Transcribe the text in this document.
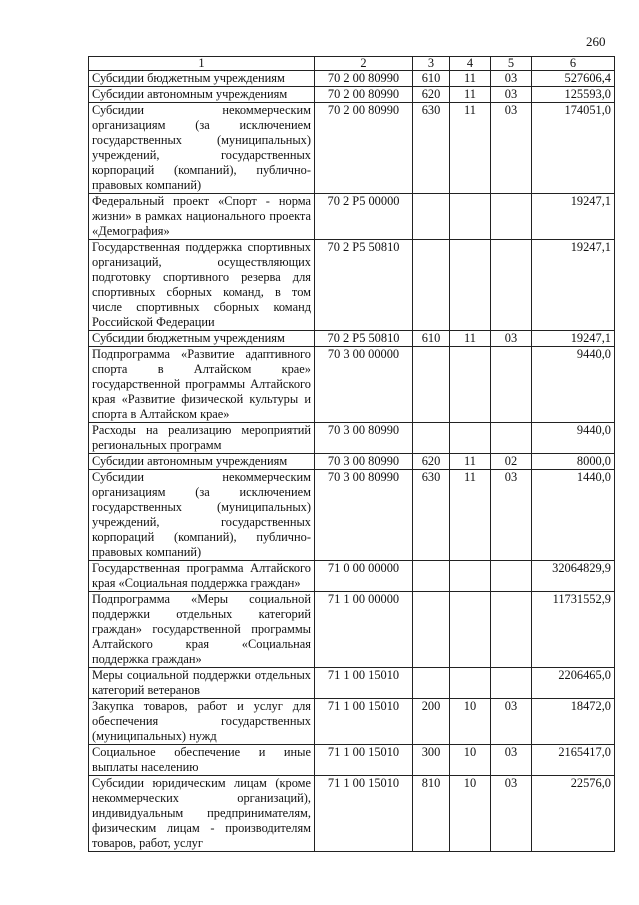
260
1	2	3	4	5	6
Субсидии бюджетным учреждениям	70 2 00 80990	610	11	03	527606,4
Субсидии автономным учреждениям	70 2 00 80990	620	11	03	125593,0
Субсидии некоммерческим организациям (за исключением государственных (муниципальных) учреждений, государственных корпораций (компаний), публично-правовых компаний)	70 2 00 80990	630	11	03	174051,0
Федеральный проект «Спорт - норма жизни» в рамках национального проекта «Демография»	70 2 P5 00000				19247,1
Государственная поддержка спортивных организаций, осуществляющих подготовку спортивного резерва для спортивных сборных команд, в том числе спортивных сборных команд Российской Федерации	70 2 P5 50810				19247,1
Субсидии бюджетным учреждениям	70 2 P5 50810	610	11	03	19247,1
Подпрограмма «Развитие адаптивного спорта в Алтайском крае» государственной программы Алтайского края «Развитие физической культуры и спорта в Алтайском крае»	70 3 00 00000				9440,0
Расходы на реализацию мероприятий региональных программ	70 3 00 80990				9440,0
Субсидии автономным учреждениям	70 3 00 80990	620	11	02	8000,0
Субсидии некоммерческим организациям (за исключением государственных (муниципальных) учреждений, государственных корпораций (компаний), публично-правовых компаний)	70 3 00 80990	630	11	03	1440,0
Государственная программа Алтайского края «Социальная поддержка граждан»	71 0 00 00000				32064829,9
Подпрограмма «Меры социальной поддержки отдельных категорий граждан» государственной программы Алтайского края «Социальная поддержка граждан»	71 1 00 00000				11731552,9
Меры социальной поддержки отдельных категорий ветеранов	71 1 00 15010				2206465,0
Закупка товаров, работ и услуг для обеспечения государственных (муниципальных) нужд	71 1 00 15010	200	10	03	18472,0
Социальное обеспечение и иные выплаты населению	71 1 00 15010	300	10	03	2165417,0
Субсидии юридическим лицам (кроме некоммерческих организаций), индивидуальным предпринимателям, физическим лицам - производителям товаров, работ, услуг	71 1 00 15010	810	10	03	22576,0
